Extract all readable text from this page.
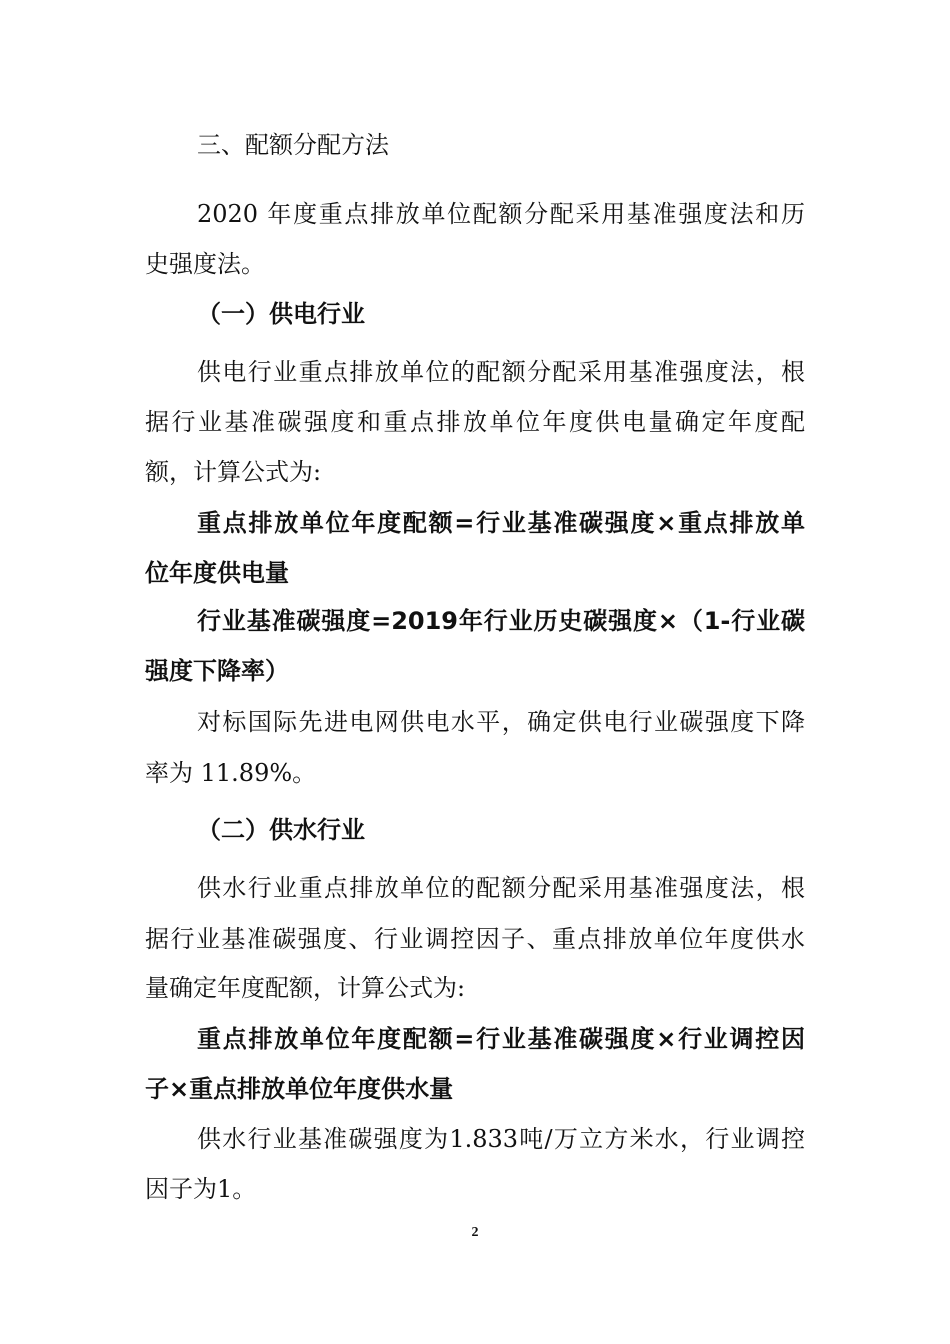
三、配额分配方法
2020 年度重点排放单位配额分配采用基准强度法和历
史强度法。
（一）供电行业
供电行业重点排放单位的配额分配采用基准强度法，根
据行业基准碳强度和重点排放单位年度供电量确定年度配
额，计算公式为:
重点排放单位年度配额=行业基准碳强度×重点排放单
位年度供电量
行业基准碳强度=2019年行业历史碳强度×（1-行业碳
强度下降率）
对标国际先进电网供电水平，确定供电行业碳强度下降
率为 11.89%。
（二）供水行业
供水行业重点排放单位的配额分配采用基准强度法，根
据行业基准碳强度、行业调控因子、重点排放单位年度供水
量确定年度配额，计算公式为:
重点排放单位年度配额=行业基准碳强度×行业调控因
子×重点排放单位年度供水量
供水行业基准碳强度为1.833吨/万立方米水，行业调控
因子为1。
2
